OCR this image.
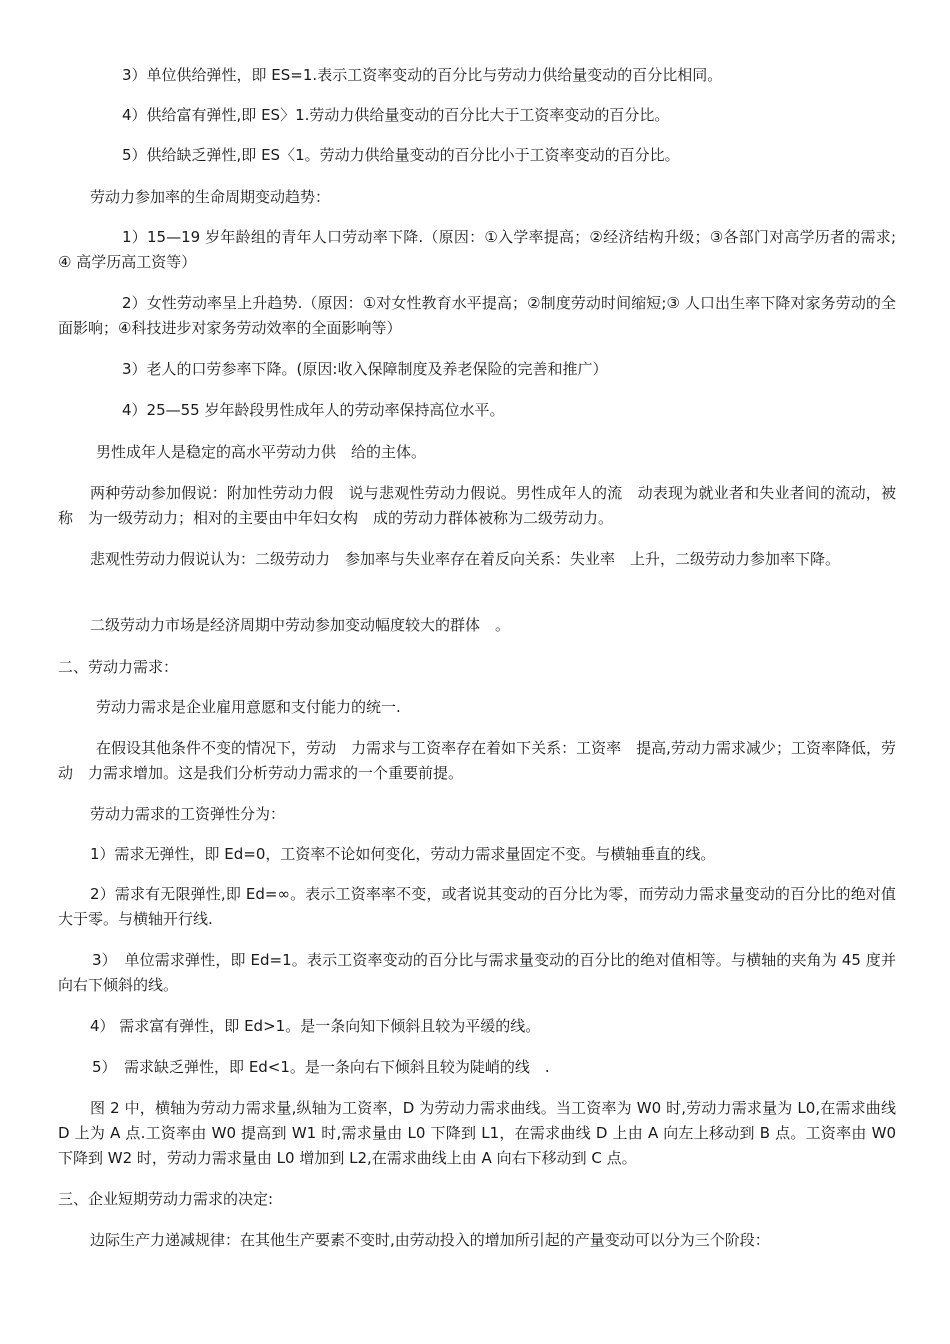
3）单位供给弹性，即 ES=1.表示工资率变动的百分比与劳动力供给量变动的百分比相同。

4）供给富有弹性,即 ES〉1.劳动力供给量变动的百分比大于工资率变动的百分比。

5）供给缺乏弹性,即 ES〈1。劳动力供给量变动的百分比小于工资率变动的百分比。

劳动力参加率的生命周期变动趋势：

1）15—19 岁年龄组的青年人口劳动率下降.（原因：①入学率提高；②经济结构升级；③各部门对高学历者的需求;④ 高学历高工资等）

2）女性劳动率呈上升趋势.（原因：①对女性教育水平提高；②制度劳动时间缩短;③ 人口出生率下降对家务劳动的全面影响；④科技进步对家务劳动效率的全面影响等）

3）老人的口劳参率下降。(原因:收入保障制度及养老保险的完善和推广）

4）25—55 岁年龄段男性成年人的劳动率保持高位水平。

男性成年人是稳定的高水平劳动力供　给的主体。

两种劳动参加假说：附加性劳动力假　说与悲观性劳动力假说。男性成年人的流　动表现为就业者和失业者间的流动，被称　为一级劳动力；相对的主要由中年妇女构　成的劳动力群体被称为二级劳动力。

悲观性劳动力假说认为：二级劳动力　参加率与失业率存在着反向关系：失业率　上升，二级劳动力参加率下降。

二级劳动力市场是经济周期中劳动参加变动幅度较大的群体　。

二、劳动力需求：

劳动力需求是企业雇用意愿和支付能力的统一.

在假设其他条件不变的情况下，劳动　力需求与工资率存在着如下关系：工资率　提高,劳动力需求减少；工资率降低，劳动　力需求增加。这是我们分析劳动力需求的一个重要前提。

劳动力需求的工资弹性分为：

1）需求无弹性，即 Ed=0，工资率不论如何变化，劳动力需求量固定不变。与横轴垂直的线。

2）需求有无限弹性,即 Ed=∞。表示工资率率不变，或者说其变动的百分比为零，而劳动力需求量变动的百分比的绝对值大于零。与横轴开行线.

3）　单位需求弹性，即 Ed=1。表示工资率变动的百分比与需求量变动的百分比的绝对值相等。与横轴的夹角为 45 度并向右下倾斜的线。

4） 需求富有弹性，即 Ed>1。是一条向知下倾斜且较为平缓的线。

5）　需求缺乏弹性，即 Ed<1。是一条向右下倾斜且较为陡峭的线　.

图 2 中，横轴为劳动力需求量,纵轴为工资率，D 为劳动力需求曲线。当工资率为 W0 时,劳动力需求量为 L0,在需求曲线 D 上为 A 点.工资率由 W0 提高到 W1 时,需求量由 L0 下降到 L1，在需求曲线 D 上由 A 向左上移动到 B 点。工资率由 W0 下降到 W2 时，劳动力需求量由 L0 增加到 L2,在需求曲线上由 A 向右下移动到 C 点。

三、企业短期劳动力需求的决定:

边际生产力递减规律：在其他生产要素不变时,由劳动投入的增加所引起的产量变动可以分为三个阶段：
